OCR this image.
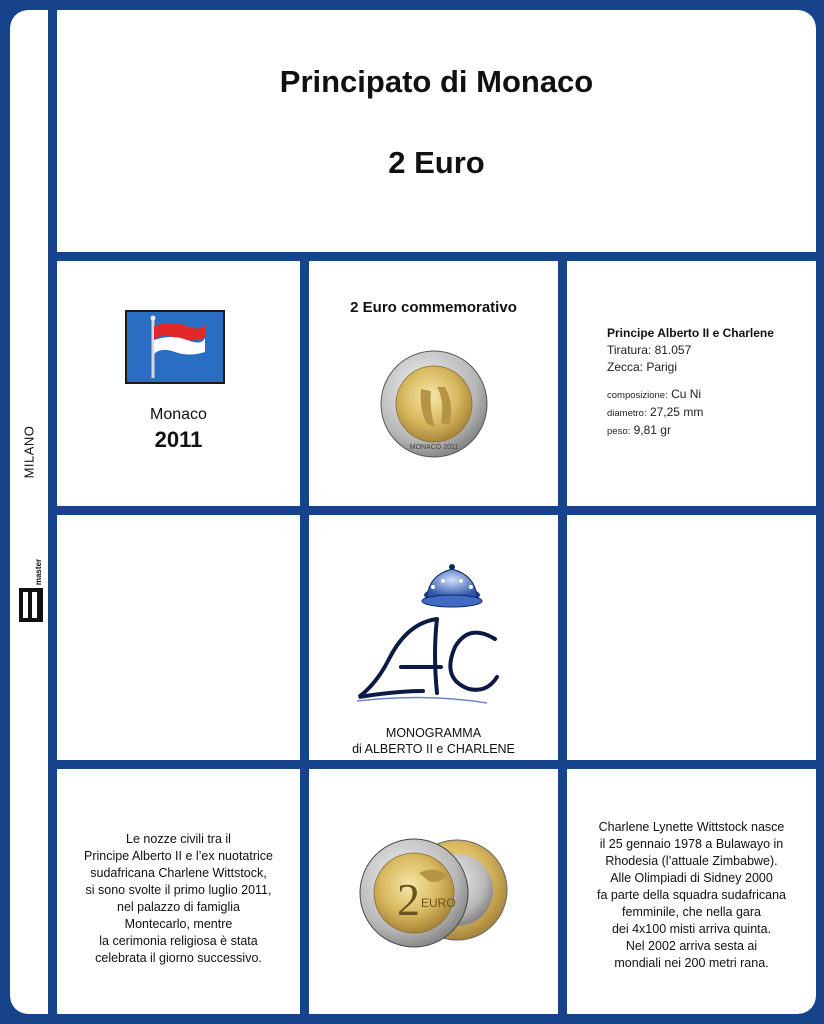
MILANO
master
Principato di Monaco
2 Euro
Monaco
2011
2 Euro commemorativo
MONACO 2011
Principe Alberto II e Charlene
Tiratura: 81.057
Zecca: Parigi
composizione: Cu Ni
diametro: 27,25 mm
peso: 9,81 gr
MONOGRAMMA
di ALBERTO II e CHARLENE
Le nozze civili tra il
Principe Alberto II e l’ex nuotatrice
sudafricana Charlene Wittstock,
si sono svolte il primo luglio 2011,
nel palazzo di famiglia
Montecarlo, mentre
la cerimonia religiosa è stata
celebrata il giorno successivo.
2 EURO
Charlene Lynette Wittstock nasce
il 25 gennaio 1978 a Bulawayo in
Rhodesia (l’attuale Zimbabwe).
Alle Olimpiadi di Sidney 2000
fa parte della squadra sudafricana
femminile, che nella gara
dei 4x100 misti arriva quinta.
Nel 2002 arriva sesta ai
mondiali nei 200 metri rana.
